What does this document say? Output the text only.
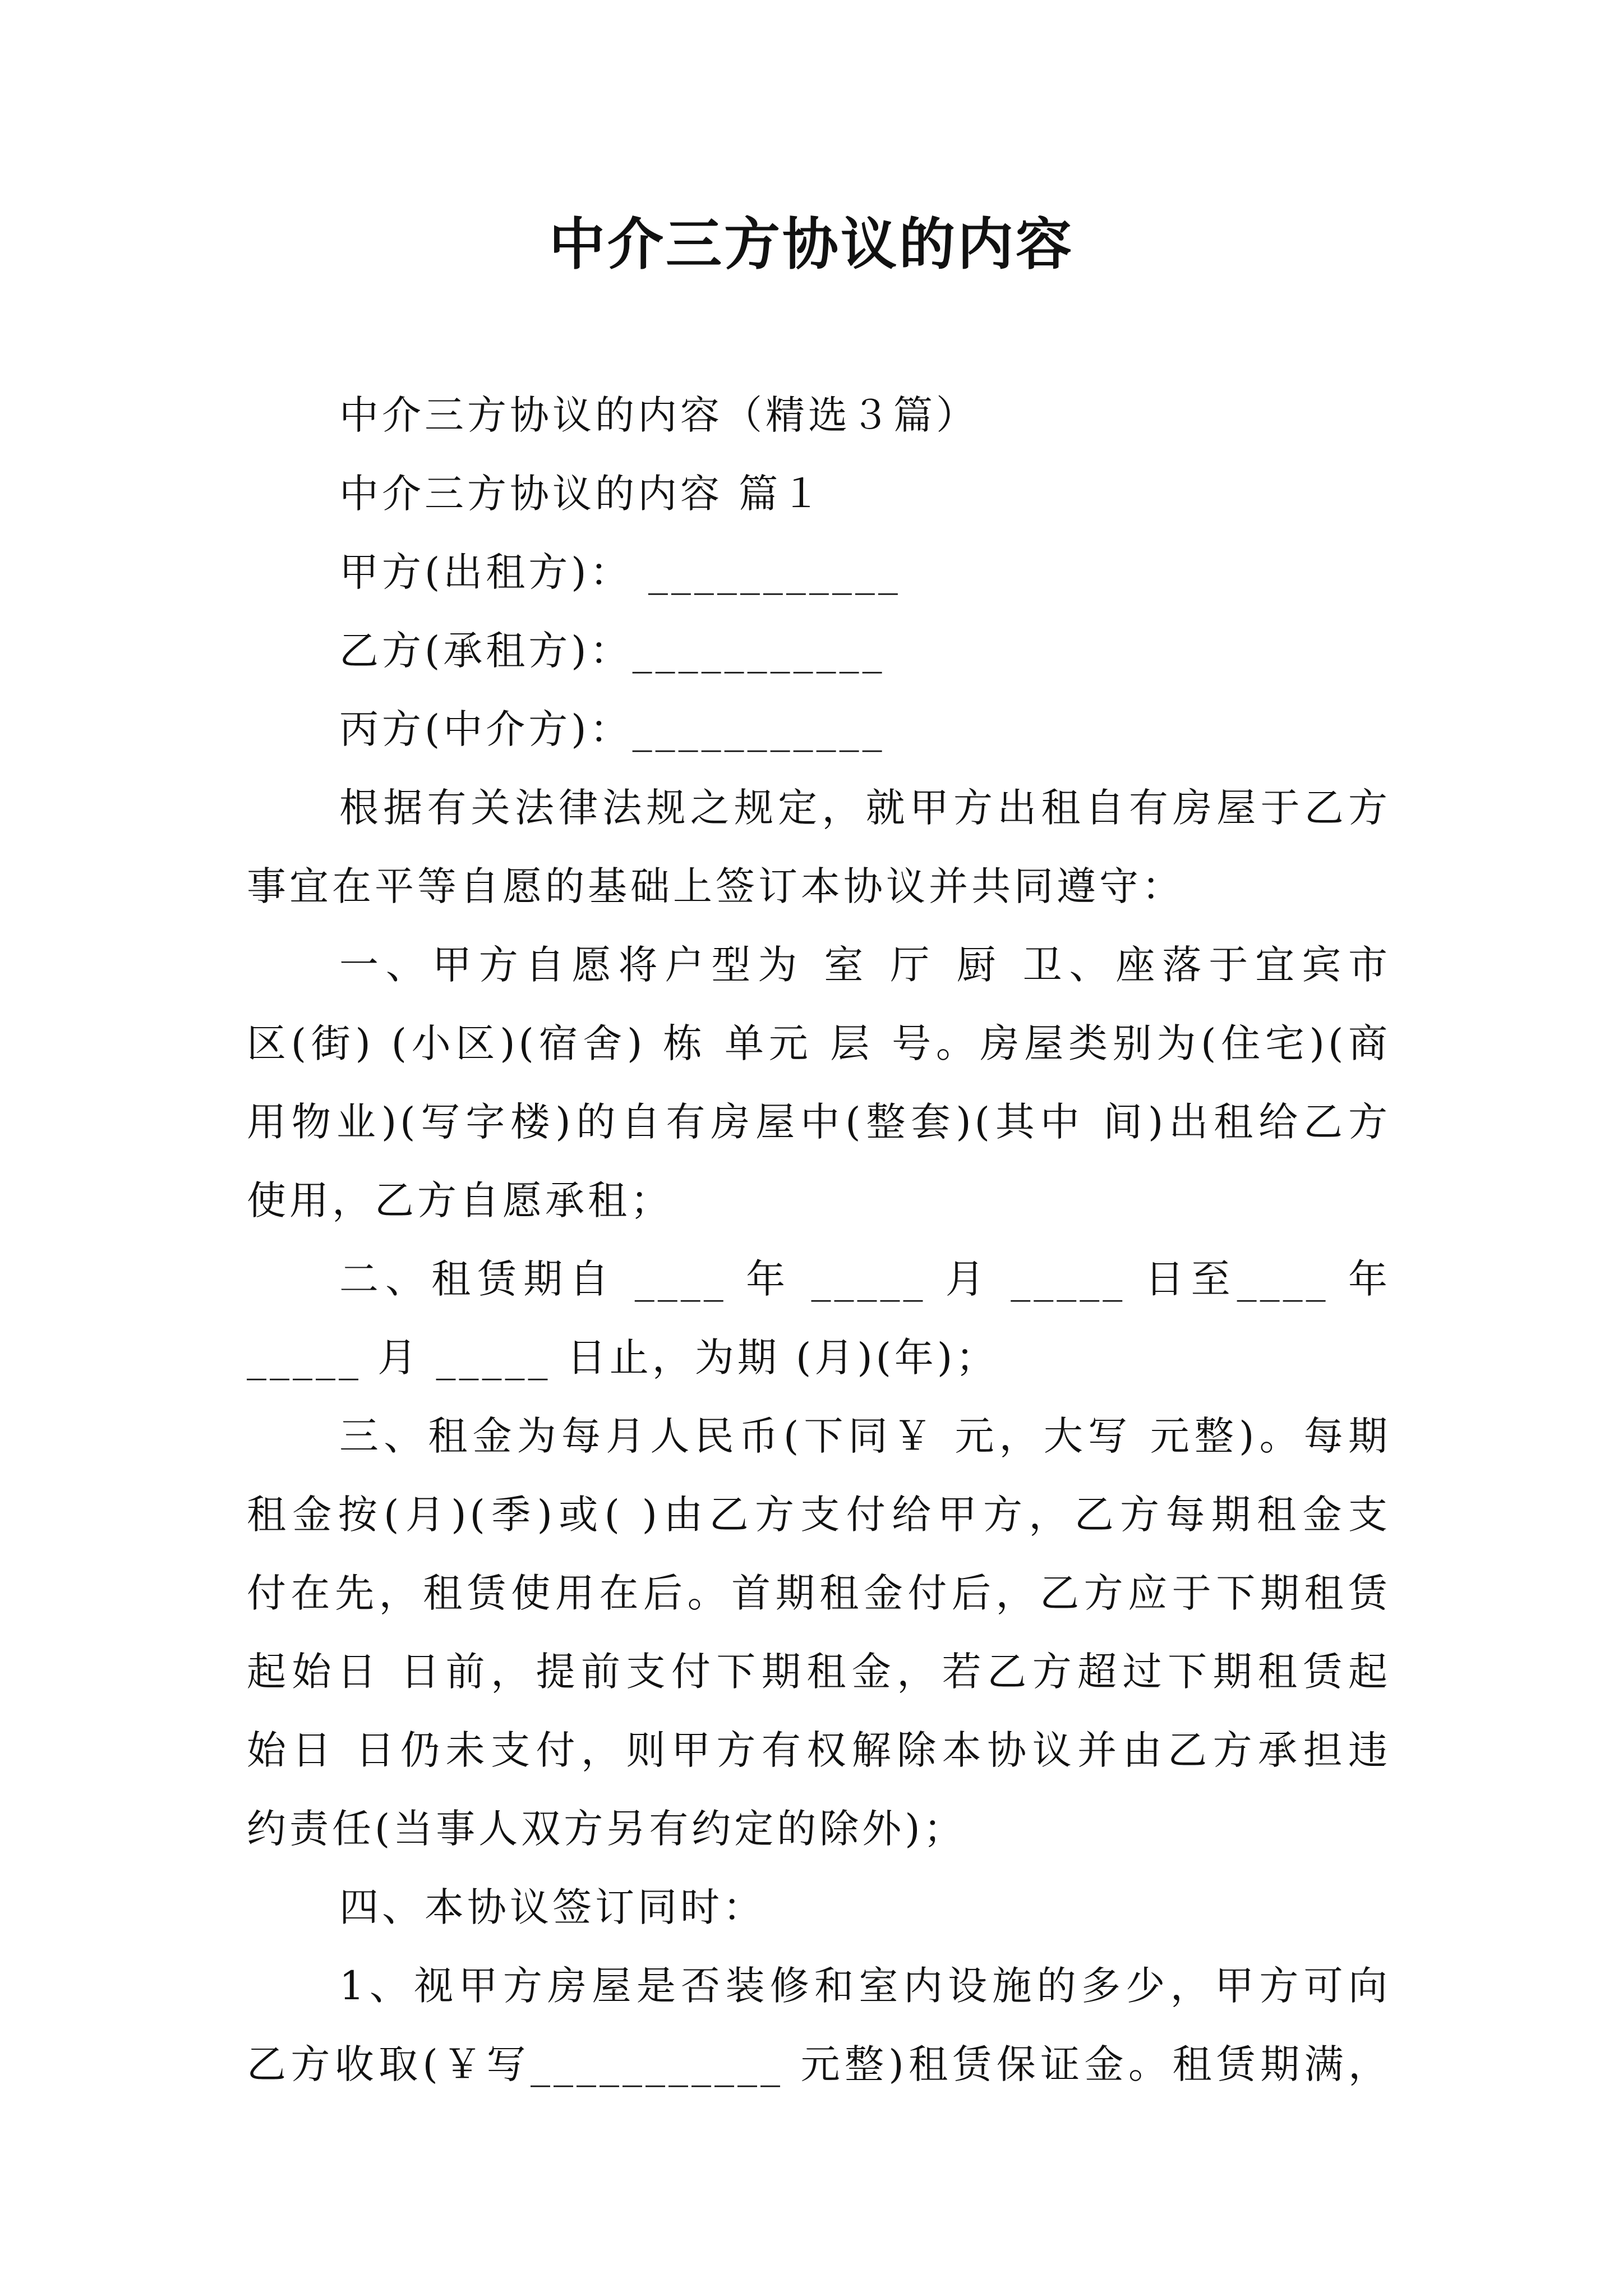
中介三方协议的内容
中介三方协议的内容（精选３篇）
中介三方协议的内容 篇１
甲方(出租方)： ___________
乙方(承租方)：___________
丙方(中介方)：___________
根据有关法律法规之规定，就甲方出租自有房屋于乙方
事宜在平等自愿的基础上签订本协议并共同遵守：
一、甲方自愿将户型为 室 厅 厨 卫、座落于宜宾市
区(街) (小区)(宿舍) 栋 单元 层 号。房屋类别为(住宅)(商
用物业)(写字楼)的自有房屋中(整套)(其中 间)出租给乙方
使用，乙方自愿承租；
二、租赁期自 ____ 年 _____ 月 _____ 日至____ 年
_____ 月 _____ 日止，为期 (月)(年)；
三、租金为每月人民币(下同￥ 元，大写 元整)。每期
租金按(月)(季)或( )由乙方支付给甲方，乙方每期租金支
付在先，租赁使用在后。首期租金付后，乙方应于下期租赁
起始日 日前，提前支付下期租金，若乙方超过下期租赁起
始日 日仍未支付，则甲方有权解除本协议并由乙方承担违
约责任(当事人双方另有约定的除外)；
四、本协议签订同时：
1、视甲方房屋是否装修和室内设施的多少，甲方可向
乙方收取(￥写___________ 元整)租赁保证金。租赁期满，
